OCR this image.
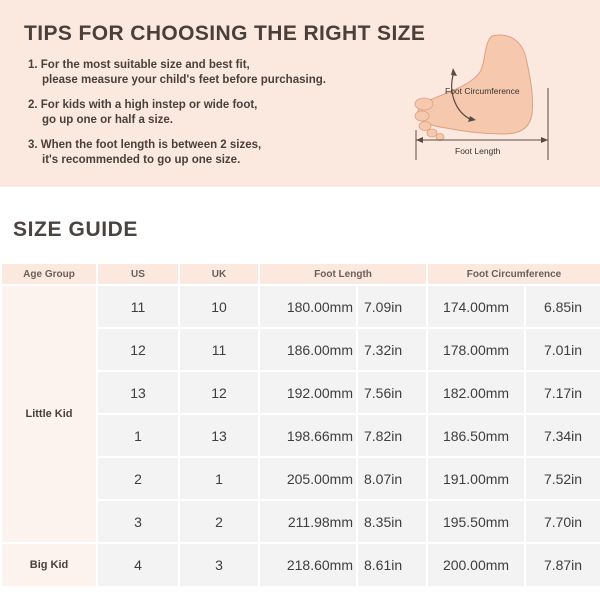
TIPS FOR CHOOSING THE RIGHT SIZE
1. For the most suitable size and best fit,
please measure your child's feet before purchasing.
2. For kids with a high instep or wide foot,
go up one or half a size.
3. When the foot length is between 2 sizes,
it's recommended to go up one size.
Foot Circumference
Foot Length
SIZE GUIDE
Age Group	US	UK	Foot Length		Foot Circumference	
Little Kid	11	10	180.00mm	7.09in	174.00mm	6.85in
	12	11	186.00mm	7.32in	178.00mm	7.01in
	13	12	192.00mm	7.56in	182.00mm	7.17in
	1	13	198.66mm	7.82in	186.50mm	7.34in
	2	1	205.00mm	8.07in	191.00mm	7.52in
	3	2	211.98mm	8.35in	195.50mm	7.70in
Big Kid	4	3	218.60mm	8.61in	200.00mm	7.87in
